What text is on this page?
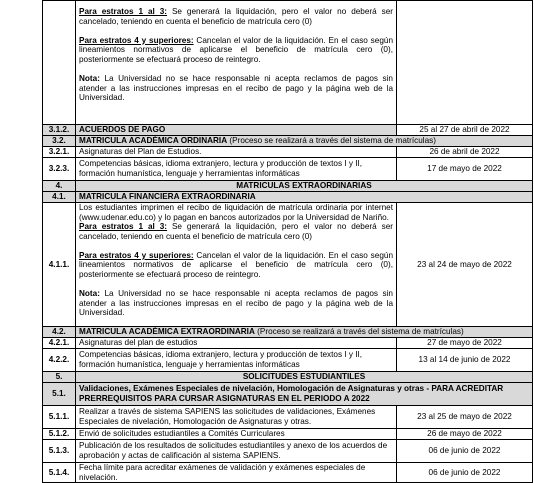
	Para estratos 1 al 3: Se generará la liquidación, pero el valor no deberá ser cancelado, teniendo en cuenta el beneficio de matrícula cero (0)

Para estratos 4 y superiores: Cancelan el valor de la liquidación. En el caso según lineamientos normativos de aplicarse el beneficio de matrícula cero (0), posteriormente se efectuará proceso de reintegro.

Nota: La Universidad no se hace responsable ni acepta reclamos de pagos sin atender a las instrucciones impresas en el recibo de pago y la página web de la Universidad.	

3.1.2.	ACUERDOS DE PAGO	25 al 27 de abril de 2022
3.2.	MATRICULA ACADÉMICA ORDINARIA (Proceso se realizará a través del sistema de matrículas)	
3.2.1.	Asignaturas del Plan de Estudios.	26 de abril de 2022
3.2.3.	Competencias básicas, idioma extranjero, lectura y producción de textos I y II, formación humanística, lenguaje y herramientas informáticas	17 de mayo de 2022
4.	MATRICULAS EXTRAORDINARIAS	
4.1.	MATRICULA FINANCIERA EXTRAORDINARIA	
4.1.1.	Los estudiantes imprimen el recibo de liquidación de matrícula ordinaria por internet (www.udenar.edu.co) y lo pagan en bancos autorizados por la Universidad de Nariño.

Para estratos 1 al 3: Se generará la liquidación, pero el valor no deberá ser cancelado, teniendo en cuenta el beneficio de matrícula cero (0)

Para estratos 4 y superiores: Cancelan el valor de la liquidación. En el caso según lineamientos normativos de aplicarse el beneficio de matrícula cero (0), posteriormente se efectuará proceso de reintegro.

Nota: La Universidad no se hace responsable ni acepta reclamos de pagos sin atender a las instrucciones impresas en el recibo de pago y la página web de la Universidad.	23 al 24 de mayo de 2022
4.2.	MATRICULA ACADÉMICA EXTRAORDINARIA (Proceso se realizará a través del sistema de matrículas)	
4.2.1.	Asignaturas del plan de estudios	27 de mayo de 2022
4.2.2.	Competencias básicas, idioma extranjero, lectura y producción de textos I y II, formación humanística, lenguaje y herramientas informáticas	13 al 14 de junio de 2022
5.	SOLICITUDES ESTUDIANTILES	
5.1.	Validaciones, Exámenes Especiales de nivelación, Homologación de Asignaturas y otras - PARA ACREDITAR PRERREQUISITOS PARA CURSAR ASIGNATURAS EN EL PERIODO A 2022	
5.1.1.	Realizar a través de sistema SAPIENS las solicitudes de validaciones, Exámenes Especiales de nivelación, Homologación de Asignaturas y otras.	23 al 25 de mayo de 2022
5.1.2.	Envió de solicitudes estudiantiles a Comités Curriculares	26 de mayo de 2022
5.1.3.	Publicación de los resultados de solicitudes estudiantiles y anexo de los acuerdos de aprobación y actas de calificación al sistema SAPIENS.	06 de junio de 2022
5.1.4.	Fecha límite para acreditar exámenes de validación y exámenes especiales de nivelación.	06 de junio de 2022
